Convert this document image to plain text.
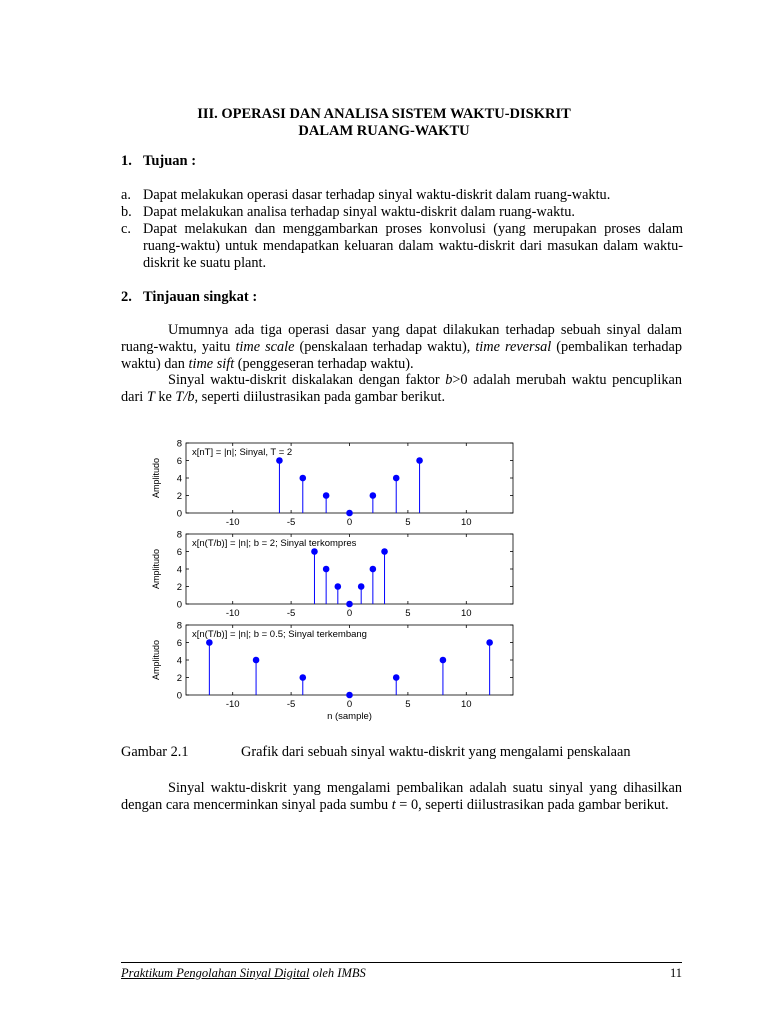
III. OPERASI DAN ANALISA SISTEM WAKTU-DISKRIT
DALAM RUANG-WAKTU
1. Tujuan :
a. Dapat melakukan operasi dasar terhadap sinyal waktu-diskrit dalam ruang-waktu.
b. Dapat melakukan analisa terhadap sinyal waktu-diskrit dalam ruang-waktu.
c. Dapat melakukan dan menggambarkan proses konvolusi (yang merupakan proses dalam ruang-waktu) untuk mendapatkan keluaran dalam waktu-diskrit dari masukan dalam waktu-diskrit ke suatu plant.
2. Tinjauan singkat :
Umumnya ada tiga operasi dasar yang dapat dilakukan terhadap sebuah sinyal dalam ruang-waktu, yaitu time scale (penskalaan terhadap waktu), time reversal (pembalikan terhadap waktu) dan time sift (penggeseran terhadap waktu).
Sinyal waktu-diskrit diskalakan dengan faktor b>0 adalah merubah waktu pencuplikan dari T ke T/b, seperti diilustrasikan pada gambar berikut.
-10	-5	0	5	10
0
2
4
6
8
Amplitudo
x[nT] = |n|; Sinyal, T = 2
-10	-5	0	5	10
0
2
4
6
8
Amplitudo
x[n(T/b)] = |n|; b = 2; Sinyal terkompres
-10	-5	0	5	10
0
2
4
6
8
Amplitudo
x[n(T/b)] = |n|; b = 0.5; Sinyal terkembang
n (sample)
Gambar 2.1	Grafik dari sebuah sinyal waktu-diskrit yang mengalami penskalaan
Sinyal waktu-diskrit yang mengalami pembalikan adalah suatu sinyal yang dihasilkan dengan cara mencerminkan sinyal pada sumbu t = 0, seperti diilustrasikan pada gambar berikut.
Praktikum Pengolahan Sinyal Digital oleh IMBS	11
